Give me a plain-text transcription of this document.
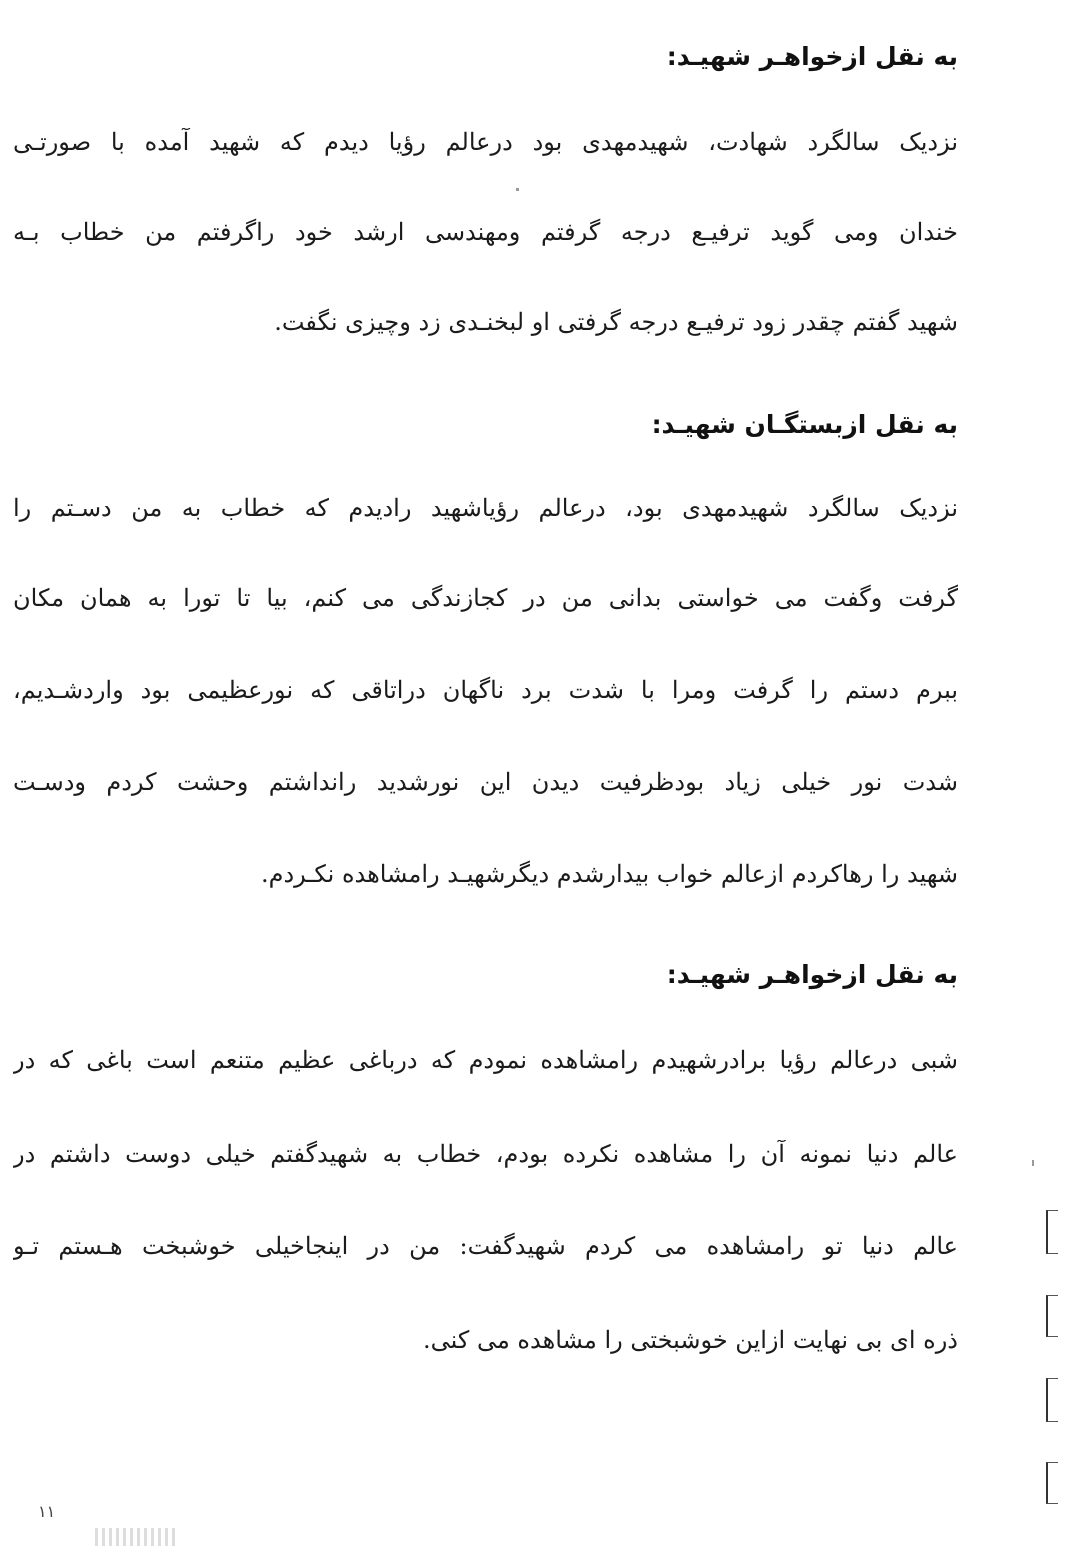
به نقل ازخواهـر شهیـد:
نزدیک سالگرد شهادت، شهیدمهدی بود درعالم رؤیا دیدم که شهید آمده با صورتـی
خندان ومی گوید ترفیـع درجه گرفتم ومهندسی ارشد خود راگرفتم من خطاب بـه
شهید گفتم چقدر زود ترفیـع درجه گرفتی او لبخنـدی زد وچیزی نگفت.
به نقل ازبستگـان شهیـد:
نزدیک سالگرد شهیدمهدی بود، درعالم رؤیاشهید رادیدم که خطاب به من دسـتم را
گرفت وگفت می خواستی بدانی من در کجازندگی می کنم، بیا تا تورا به همان مکان
ببرم دستم را گرفت ومرا با شدت برد ناگهان دراتاقی که نورعظیمی بود واردشـدیم،
شدت نور خیلی زیاد بودظرفیت دیدن این نورشدید رانداشتم وحشت کردم ودسـت
شهید را رهاکردم ازعالم خواب بیدارشدم دیگرشهیـد رامشاهده نکـردم.
به نقل ازخواهـر شهیـد:
شبی درعالم رؤیا برادرشهیدم رامشاهده نمودم که درباغی عظیم متنعم است باغی که در
عالم دنیا نمونه آن را مشاهده نکرده بودم، خطاب به شهیدگفتم خیلی دوست داشتم در
عالم دنیا تو رامشاهده می کردم شهیدگفت: من در اینجاخیلی خوشبخت هـستم تـو
ذره ای بی نهایت ازاین خوشبختی را مشاهده می کنی.
۱۱
